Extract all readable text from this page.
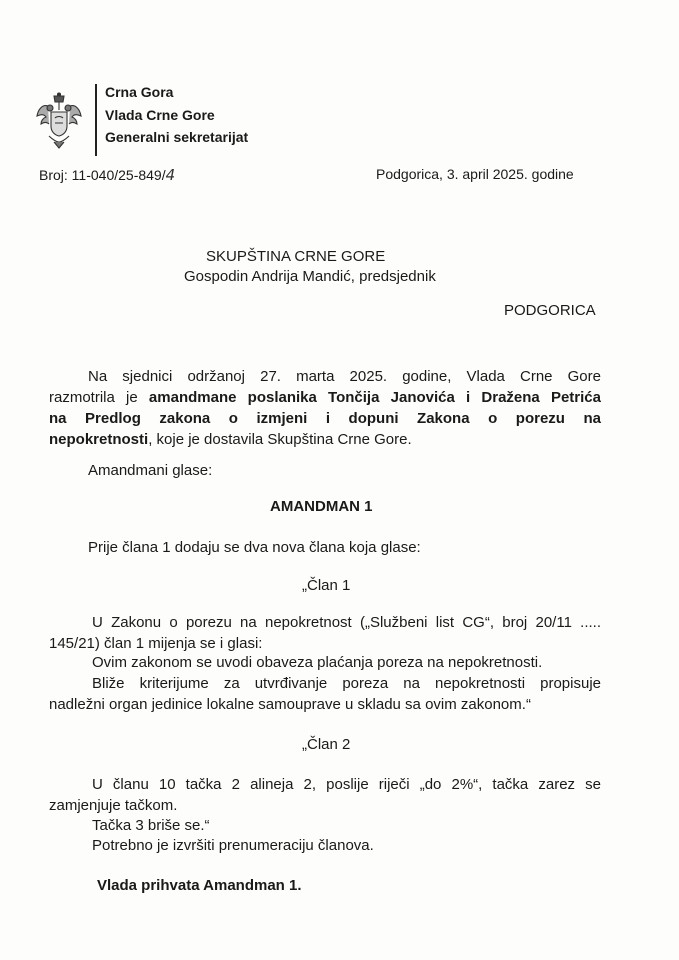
Crna Gora
Vlada Crne Gore
Generalni sekretarijat
Broj: 11-040/25-849/4	Podgorica, 3. april 2025. godine
SKUPŠTINA CRNE GORE
Gospodin Andrija Mandić, predsjednik
PODGORICA
Na sjednici održanoj 27. marta 2025. godine, Vlada Crne Gore
razmotrila je amandmane poslanika Tončija Janovića i Dražena Petrića
na Predlog zakona o izmjeni i dopuni Zakona o porezu na
nepokretnosti, koje je dostavila Skupština Crne Gore.
Amandmani glase:
AMANDMAN 1
Prije člana 1 dodaju se dva nova člana koja glase:
„Član 1
U Zakonu o porezu na nepokretnost („Službeni list CG“, broj 20/11 .....
145/21) član 1 mijenja se i glasi:
Ovim zakonom se uvodi obaveza plaćanja poreza na nepokretnosti.
Bliže kriterijume za utvrđivanje poreza na nepokretnosti propisuje
nadležni organ jedinice lokalne samouprave u skladu sa ovim zakonom.“
„Član 2
U članu 10 tačka 2 alineja 2, poslije riječi „do 2%“, tačka zarez se
zamjenjuje tačkom.
Tačka 3 briše se.“
Potrebno je izvršiti prenumeraciju članova.
Vlada prihvata Amandman 1.
